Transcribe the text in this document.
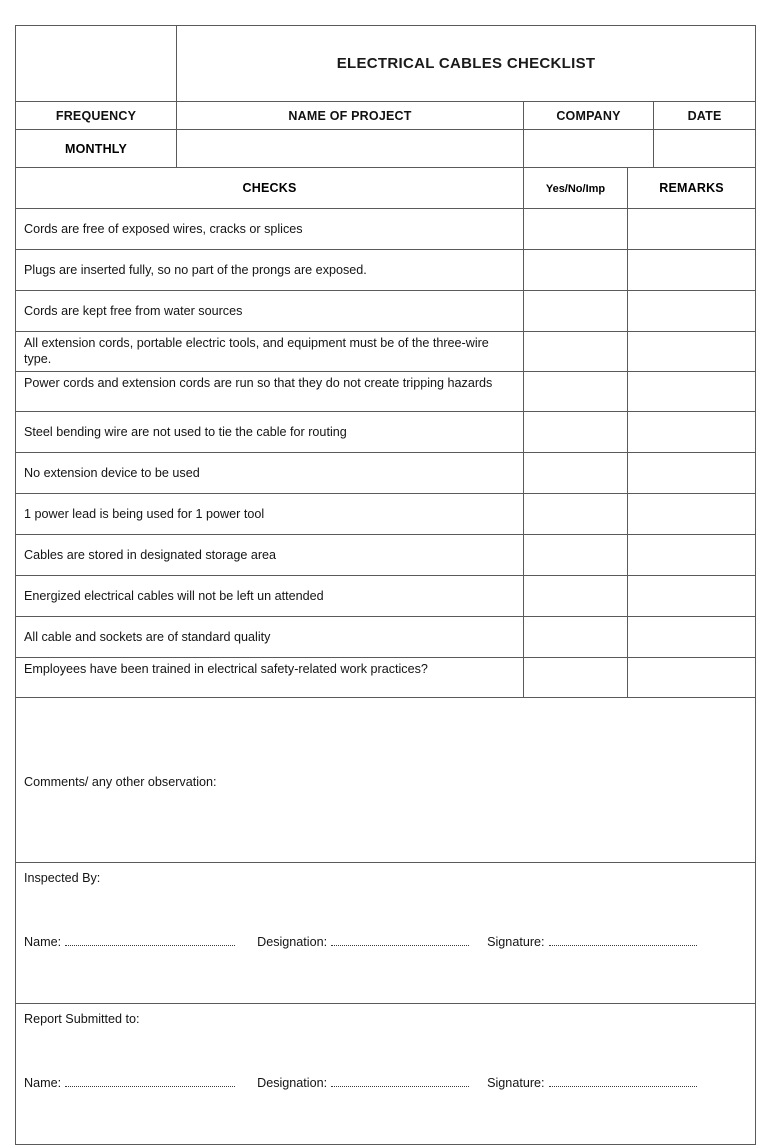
	ELECTRICAL CABLES CHECKLIST			
FREQUENCY	NAME OF PROJECT	COMPANY		DATE
MONTHLY				
CHECKS		Yes/No/Imp	REMARKS	

Cords are free of exposed wires, cracks or splices				

Plugs are inserted fully, so no part of the prongs are exposed.				

Cords are kept free from water sources				

All extension cords, portable electric tools, and equipment must be of the three-wire type.				

Power cords and extension cords are run so that they do not create tripping hazards				

Steel bending wire are not used to tie the cable for routing				

No extension device to be used				

1 power lead is being used for 1 power tool				

Cables are stored in designated storage area				

Energized electrical cables will not be left un attended				

All cable and sockets are of standard quality				

Employees have been trained in electrical safety-related work practices?				

Comments/ any other observation:				

Inspected By:
Name: Designation: Signature:				

Report Submitted to:
Name: Designation: Signature:				
